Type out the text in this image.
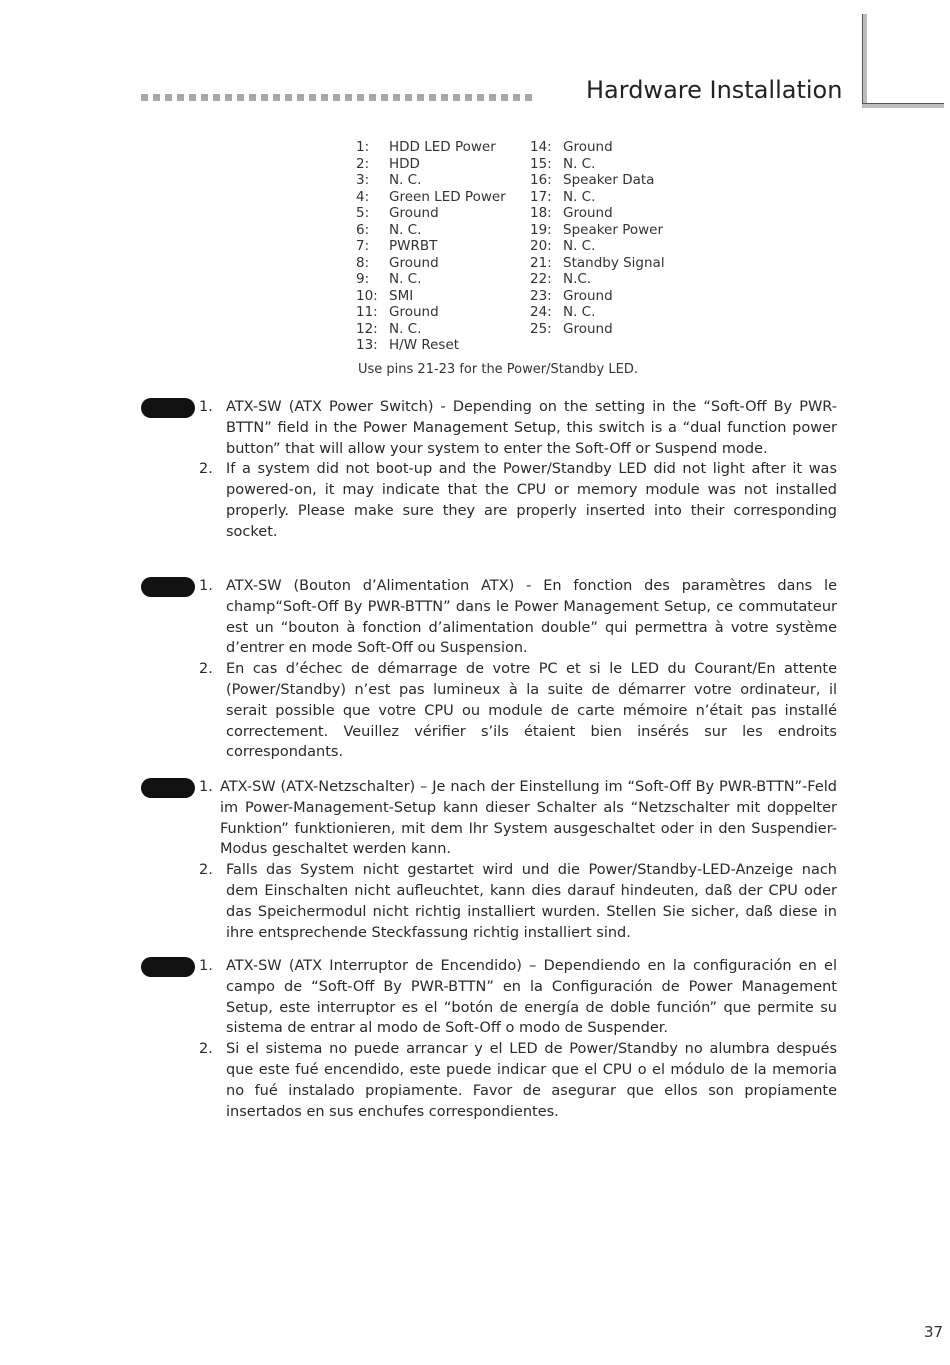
Hardware Installation
1:	HDD LED Power
2:	HDD
3:	N. C.
4:	Green LED Power
5:	Ground
6:	N. C.
7:	PWRBT
8:	Ground
9:	N. C.
10: SMI
11: Ground
12: N. C.
13: H/W Reset
14: Ground
15: N. C.
16: Speaker Data
17: N. C.
18: Ground
19: Speaker Power
20: N. C.
21: Standby Signal
22: N.C.
23: Ground
24: N. C.
25: Ground
Use pins 21-23 for the Power/Standby LED.
1. ATX-SW (ATX Power Switch) - Depending on the setting in the “Soft-Off By PWR-BTTN” field in the Power Management Setup, this switch is a “dual function power button” that will allow your system to enter the Soft-Off or Suspend mode.
2. If a system did not boot-up and the Power/Standby LED did not light after it was powered-on, it may indicate that the CPU or memory module was not installed properly. Please make sure they are properly inserted into their corresponding socket.
1. ATX-SW (Bouton d’Alimentation ATX) - En fonction des paramètres dans le champ“Soft-Off By PWR-BTTN” dans le Power Management Setup, ce commutateur est un “bouton à fonction d’alimentation double” qui permettra à votre système d’entrer en mode Soft-Off ou Suspension.
2. En cas d’échec de démarrage de votre PC et si le LED du Courant/En attente (Power/Standby) n’est pas lumineux à la suite de démarrer votre ordinateur, il serait possible que votre CPU ou module de carte mémoire n’était pas installé correctement. Veuillez vérifier s’ils étaient bien insérés sur les endroits correspondants.
1. ATX-SW (ATX-Netzschalter) – Je nach der Einstellung im “Soft-Off By PWR-BTTN”-Feld im Power-Management-Setup kann dieser Schalter als “Netzschalter mit doppelter Funktion” funktionieren, mit dem Ihr System ausgeschaltet oder in den Suspendier-Modus geschaltet werden kann.
2. Falls das System nicht gestartet wird und die Power/Standby-LED-Anzeige nach dem Einschalten nicht aufleuchtet, kann dies darauf hindeuten, daß der CPU oder das Speichermodul nicht richtig installiert wurden. Stellen Sie sicher, daß diese in ihre entsprechende Steckfassung richtig installiert sind.
1. ATX-SW (ATX Interruptor de Encendido) – Dependiendo en la configuración en el campo de “Soft-Off By PWR-BTTN” en la Configuración de Power Management Setup, este interruptor es el “botón de energía de doble función” que permite su sistema de entrar al modo de Soft-Off o modo de Suspender.
2. Si el sistema no puede arrancar y el LED de Power/Standby no alumbra después que este fué encendido, este puede indicar que el CPU o el módulo de la memoria no fué instalado propiamente. Favor de asegurar que ellos son propiamente insertados en sus enchufes correspondientes.
37
